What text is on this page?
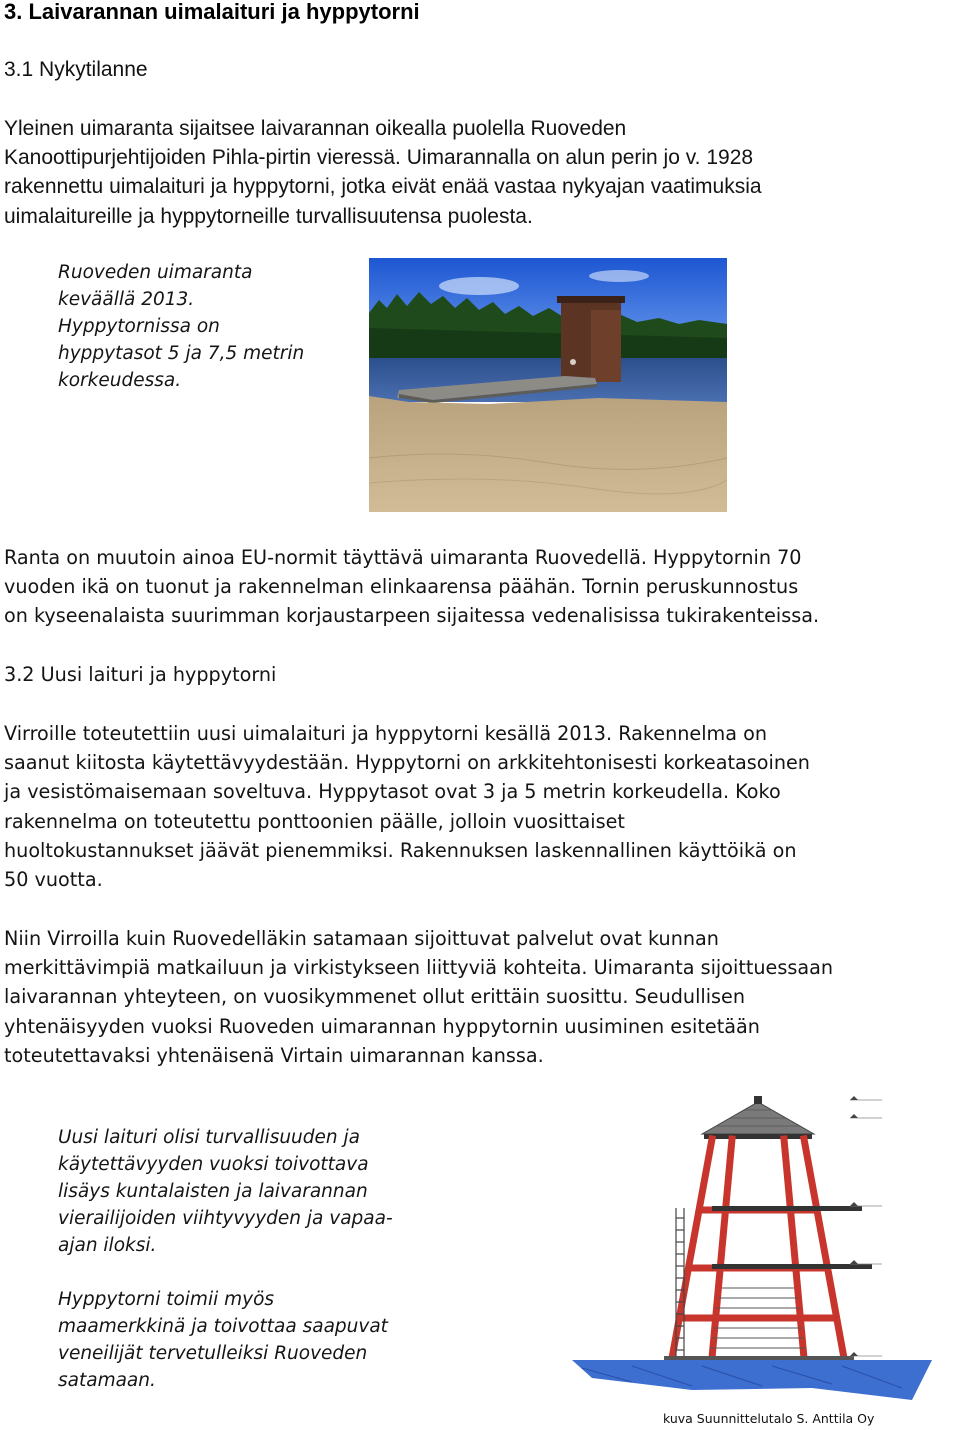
3. Laivarannan uimalaituri ja hyppytorni
3.1 Nykytilanne
Yleinen uimaranta sijaitsee laivarannan oikealla puolella Ruoveden
Kanoottipurjehtijoiden Pihla-pirtin vieressä. Uimarannalla on alun perin jo v. 1928
rakennettu uimalaituri ja hyppytorni, jotka eivät enää vastaa nykyajan vaatimuksia
uimalaitureille ja hyppytorneille turvallisuutensa puolesta.
Ruoveden uimaranta
keväällä 2013.
Hyppytornissa on
hyppytasot 5 ja 7,5 metrin
korkeudessa.
Ranta on muutoin ainoa EU-normit täyttävä uimaranta Ruovedellä. Hyppytornin 70
vuoden ikä on tuonut ja rakennelman elinkaarensa päähän. Tornin peruskunnostus
on kyseenalaista suurimman korjaustarpeen sijaitessa vedenalisissa tukirakenteissa.
3.2 Uusi laituri ja hyppytorni
Virroille toteutettiin uusi uimalaituri ja hyppytorni kesällä 2013. Rakennelma on
saanut kiitosta käytettävyydestään. Hyppytorni on arkkitehtonisesti korkeatasoinen
ja vesistömaisemaan soveltuva. Hyppytasot ovat 3 ja 5 metrin korkeudella. Koko
rakennelma on toteutettu ponttoonien päälle, jolloin vuosittaiset
huoltokustannukset jäävät pienemmiksi. Rakennuksen laskennallinen käyttöikä on
50 vuotta.
Niin Virroilla kuin Ruovedelläkin satamaan sijoittuvat palvelut ovat kunnan
merkittävimpiä matkailuun ja virkistykseen liittyviä kohteita. Uimaranta sijoittuessaan
laivarannan yhteyteen, on vuosikymmenet ollut erittäin suosittu. Seudullisen
yhtenäisyyden vuoksi Ruoveden uimarannan hyppytornin uusiminen esitetään
toteutettavaksi yhtenäisenä Virtain uimarannan kanssa.
Uusi laituri olisi turvallisuuden ja
käytettävyyden vuoksi toivottava
lisäys kuntalaisten ja laivarannan
vierailijoiden viihtyvyyden ja vapaa-
ajan iloksi.
Hyppytorni toimii myös
maamerkkinä ja toivottaa saapuvat
veneilijät tervetulleiksi Ruoveden
satamaan.
kuva Suunnittelutalo S. Anttila Oy
